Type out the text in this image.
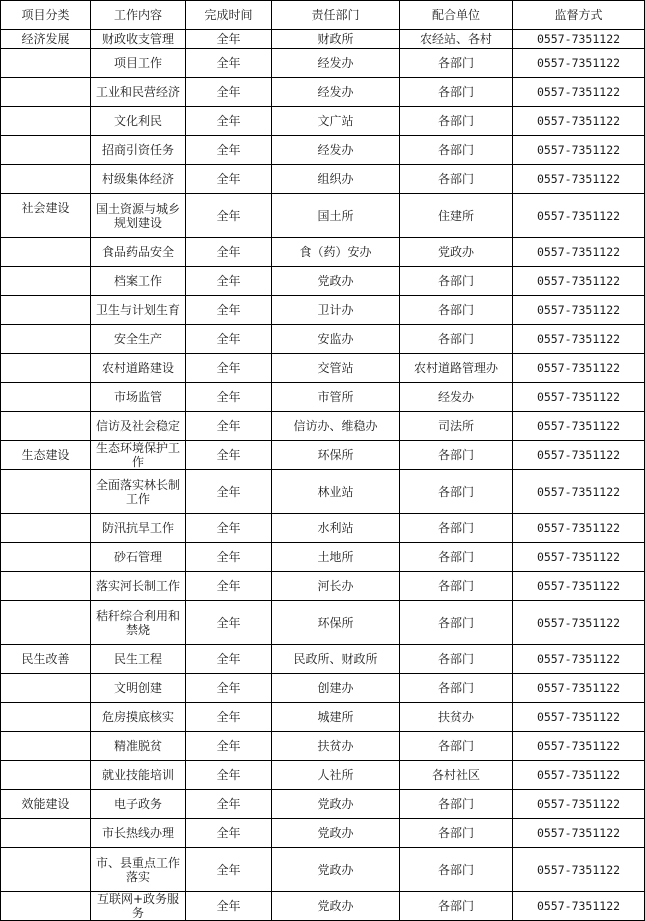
项目分类	工作内容	完成时间	责任部门	配合单位	监督方式
经济发展	财政收支管理	全年	财政所	农经站、各村	0557-7351122
	项目工作	全年	经发办	各部门	0557-7351122
	工业和民营经济	全年	经发办	各部门	0557-7351122
	文化利民	全年	文广站	各部门	0557-7351122
	招商引资任务	全年	经发办	各部门	0557-7351122
	村级集体经济	全年	组织办	各部门	0557-7351122
社会建设	国土资源与城乡规划建设	全年	国土所	住建所	0557-7351122
	食品药品安全	全年	食（药）安办	党政办	0557-7351122
	档案工作	全年	党政办	各部门	0557-7351122
	卫生与计划生育	全年	卫计办	各部门	0557-7351122
	安全生产	全年	安监办	各部门	0557-7351122
	农村道路建设	全年	交管站	农村道路管理办	0557-7351122
	市场监管	全年	市管所	经发办	0557-7351122
	信访及社会稳定	全年	信访办、维稳办	司法所	0557-7351122
生态建设	生态环境保护工作	全年	环保所	各部门	0557-7351122
	全面落实林长制工作	全年	林业站	各部门	0557-7351122
	防汛抗旱工作	全年	水利站	各部门	0557-7351122
	砂石管理	全年	土地所	各部门	0557-7351122
	落实河长制工作	全年	河长办	各部门	0557-7351122
	秸秆综合利用和禁烧	全年	环保所	各部门	0557-7351122
民生改善	民生工程	全年	民政所、财政所	各部门	0557-7351122
	文明创建	全年	创建办	各部门	0557-7351122
	危房摸底核实	全年	城建所	扶贫办	0557-7351122
	精准脱贫	全年	扶贫办	各部门	0557-7351122
	就业技能培训	全年	人社所	各村社区	0557-7351122
效能建设	电子政务	全年	党政办	各部门	0557-7351122
	市长热线办理	全年	党政办	各部门	0557-7351122
	市、县重点工作落实	全年	党政办	各部门	0557-7351122
	互联网+政务服务	全年	党政办	各部门	0557-7351122
